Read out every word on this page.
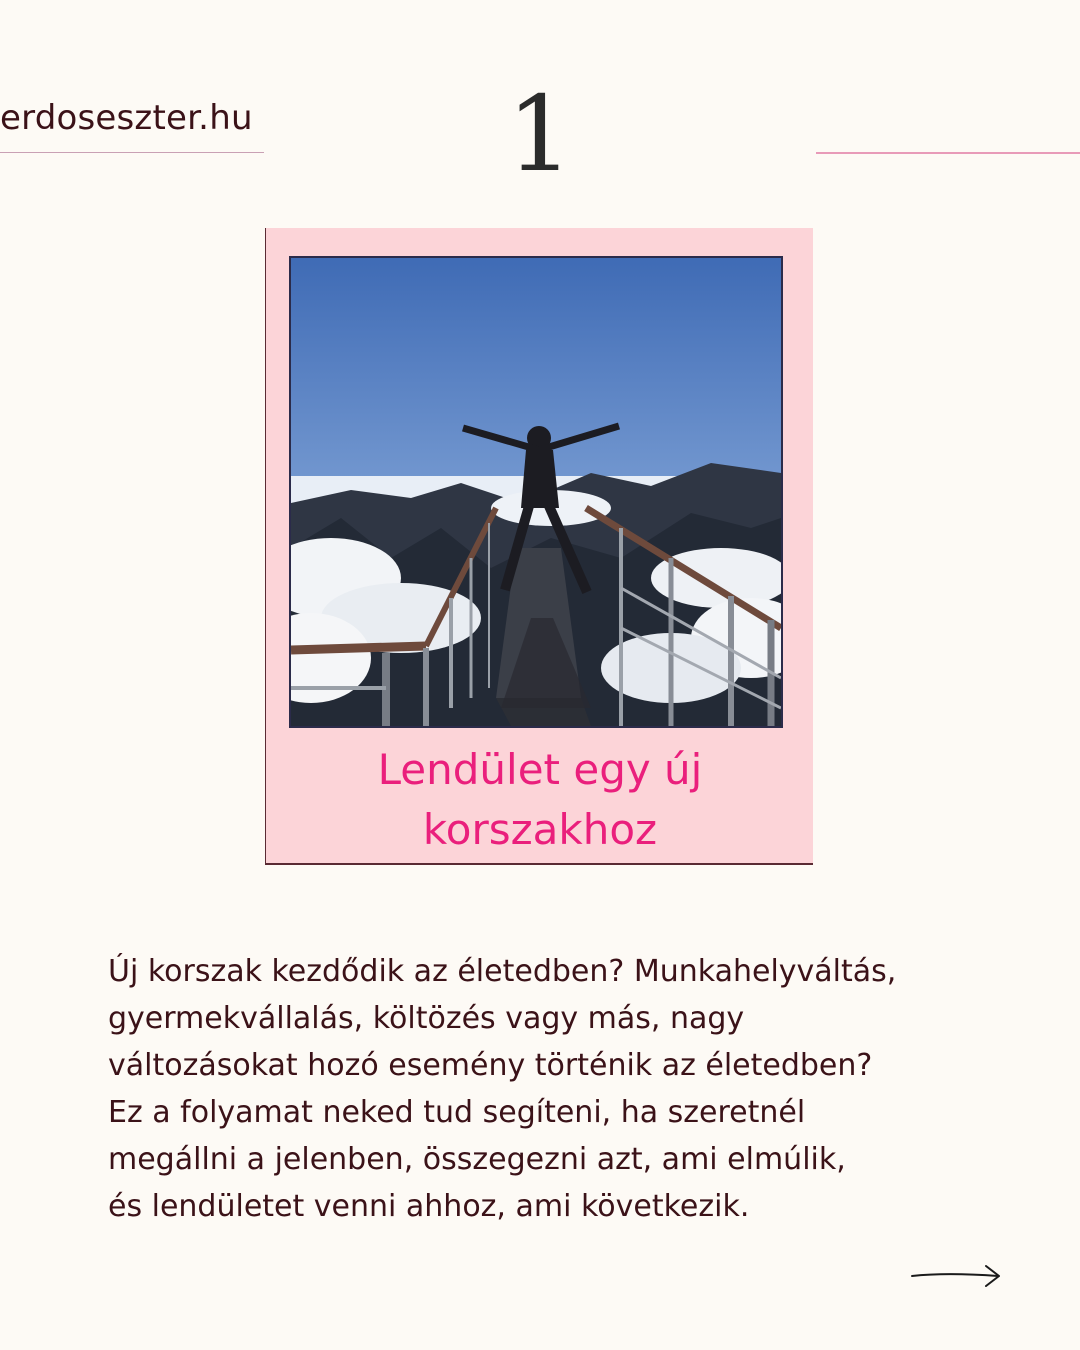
erdoseszter.hu 1
Lendület egy új
korszakhoz
Új korszak kezdődik az életedben? Munkahelyváltás,
gyermekvállalás, költözés vagy más, nagy
változásokat hozó esemény történik az életedben?
Ez a folyamat neked tud segíteni, ha szeretnél
megállni a jelenben, összegezni azt, ami elmúlik,
és lendületet venni ahhoz, ami következik.
